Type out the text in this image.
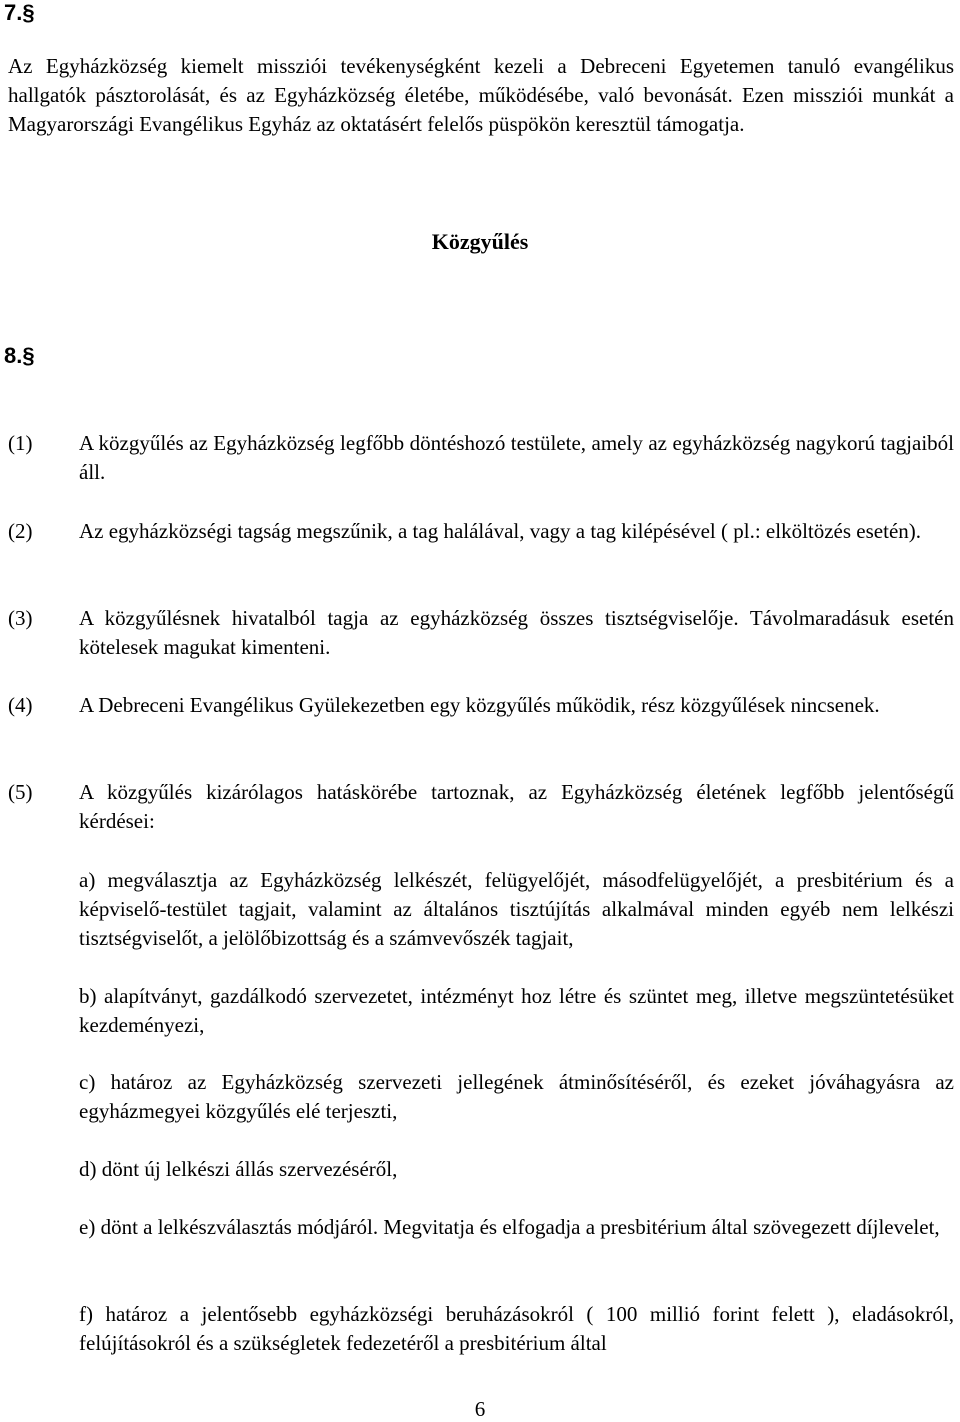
7.§
Az Egyházközség kiemelt missziói tevékenységként kezeli a Debreceni Egyetemen tanuló evangélikus hallgatók pásztorolását, és az Egyházközség életébe, működésébe, való bevonását. Ezen missziói munkát a Magyarországi Evangélikus Egyház az oktatásért felelős püspökön keresztül támogatja.
Közgyűlés
8.§
(1) A közgyűlés az Egyházközség legfőbb döntéshozó testülete, amely az egyházközség nagykorú tagjaiból áll.
(2) Az egyházközségi tagság megszűnik, a tag halálával, vagy a tag kilépésével ( pl.: elköltözés esetén).
(3) A közgyűlésnek hivatalból tagja az egyházközség összes tisztségviselője. Távolmaradásuk esetén kötelesek magukat kimenteni.
(4) A Debreceni Evangélikus Gyülekezetben egy közgyűlés működik, rész közgyűlések nincsenek.
(5) A közgyűlés kizárólagos hatáskörébe tartoznak, az Egyházközség életének legfőbb jelentőségű kérdései:
a) megválasztja az Egyházközség lelkészét, felügyelőjét, másodfelügyelőjét, a presbitérium és a képviselő-testület tagjait, valamint az általános tisztújítás alkalmával minden egyéb nem lelkészi tisztségviselőt, a jelölőbizottság és a számvevőszék tagjait,
b) alapítványt, gazdálkodó szervezetet, intézményt hoz létre és szüntet meg, illetve megszüntetésüket kezdeményezi,
c) határoz az Egyházközség szervezeti jellegének átminősítéséről, és ezeket jóváhagyásra az egyházmegyei közgyűlés elé terjeszti,
d) dönt új lelkészi állás szervezéséről,
e) dönt a lelkészválasztás módjáról. Megvitatja és elfogadja a presbitérium által szövegezett díjlevelet,
f) határoz a jelentősebb egyházközségi beruházásokról ( 100 millió forint felett ), eladásokról, felújításokról és a szükségletek fedezetéről a presbitérium által
6
